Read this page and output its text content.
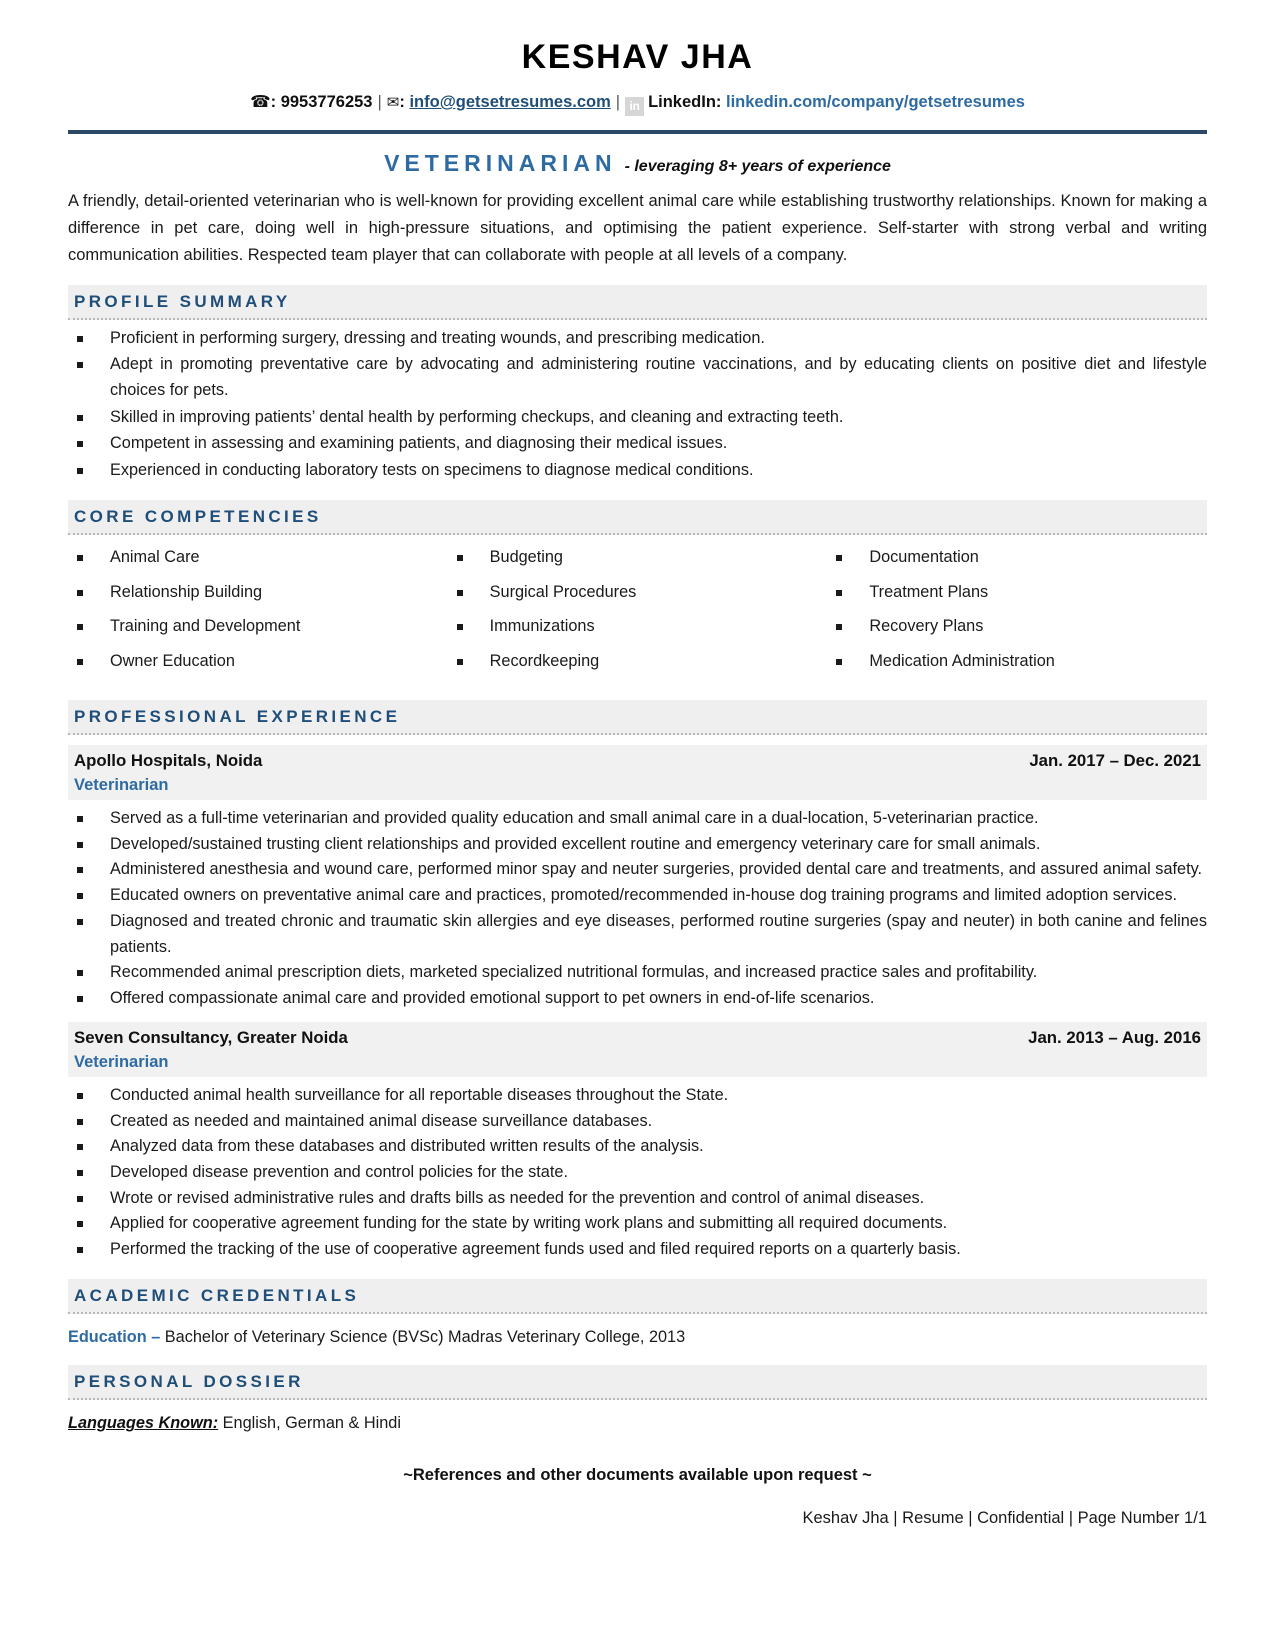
KESHAV JHA
☎: 9953776253 | ✉: info@getsetresumes.com | in LinkedIn: linkedin.com/company/getsetresumes
VETERINARIAN - leveraging 8+ years of experience
A friendly, detail-oriented veterinarian who is well-known for providing excellent animal care while establishing trustworthy relationships. Known for making a difference in pet care, doing well in high-pressure situations, and optimising the patient experience. Self-starter with strong verbal and writing communication abilities. Respected team player that can collaborate with people at all levels of a company.
PROFILE SUMMARY
Proficient in performing surgery, dressing and treating wounds, and prescribing medication.
Adept in promoting preventative care by advocating and administering routine vaccinations, and by educating clients on positive diet and lifestyle choices for pets.
Skilled in improving patients’ dental health by performing checkups, and cleaning and extracting teeth.
Competent in assessing and examining patients, and diagnosing their medical issues.
Experienced in conducting laboratory tests on specimens to diagnose medical conditions.
CORE COMPETENCIES
Animal Care	Budgeting	Documentation
Relationship Building	Surgical Procedures	Treatment Plans
Training and Development	Immunizations	Recovery Plans
Owner Education	Recordkeeping	Medication Administration
PROFESSIONAL EXPERIENCE
Apollo Hospitals, Noida	Jan. 2017 – Dec. 2021
Veterinarian
Served as a full-time veterinarian and provided quality education and small animal care in a dual-location, 5-veterinarian practice.
Developed/sustained trusting client relationships and provided excellent routine and emergency veterinary care for small animals.
Administered anesthesia and wound care, performed minor spay and neuter surgeries, provided dental care and treatments, and assured animal safety.
Educated owners on preventative animal care and practices, promoted/recommended in-house dog training programs and limited adoption services.
Diagnosed and treated chronic and traumatic skin allergies and eye diseases, performed routine surgeries (spay and neuter) in both canine and felines patients.
Recommended animal prescription diets, marketed specialized nutritional formulas, and increased practice sales and profitability.
Offered compassionate animal care and provided emotional support to pet owners in end-of-life scenarios.
Seven Consultancy, Greater Noida	Jan. 2013 – Aug. 2016
Veterinarian
Conducted animal health surveillance for all reportable diseases throughout the State.
Created as needed and maintained animal disease surveillance databases.
Analyzed data from these databases and distributed written results of the analysis.
Developed disease prevention and control policies for the state.
Wrote or revised administrative rules and drafts bills as needed for the prevention and control of animal diseases.
Applied for cooperative agreement funding for the state by writing work plans and submitting all required documents.
Performed the tracking of the use of cooperative agreement funds used and filed required reports on a quarterly basis.
ACADEMIC CREDENTIALS
Education – Bachelor of Veterinary Science (BVSc) Madras Veterinary College, 2013
PERSONAL DOSSIER
Languages Known: English, German & Hindi
~References and other documents available upon request ~
Keshav Jha | Resume | Confidential | Page Number 1/1
